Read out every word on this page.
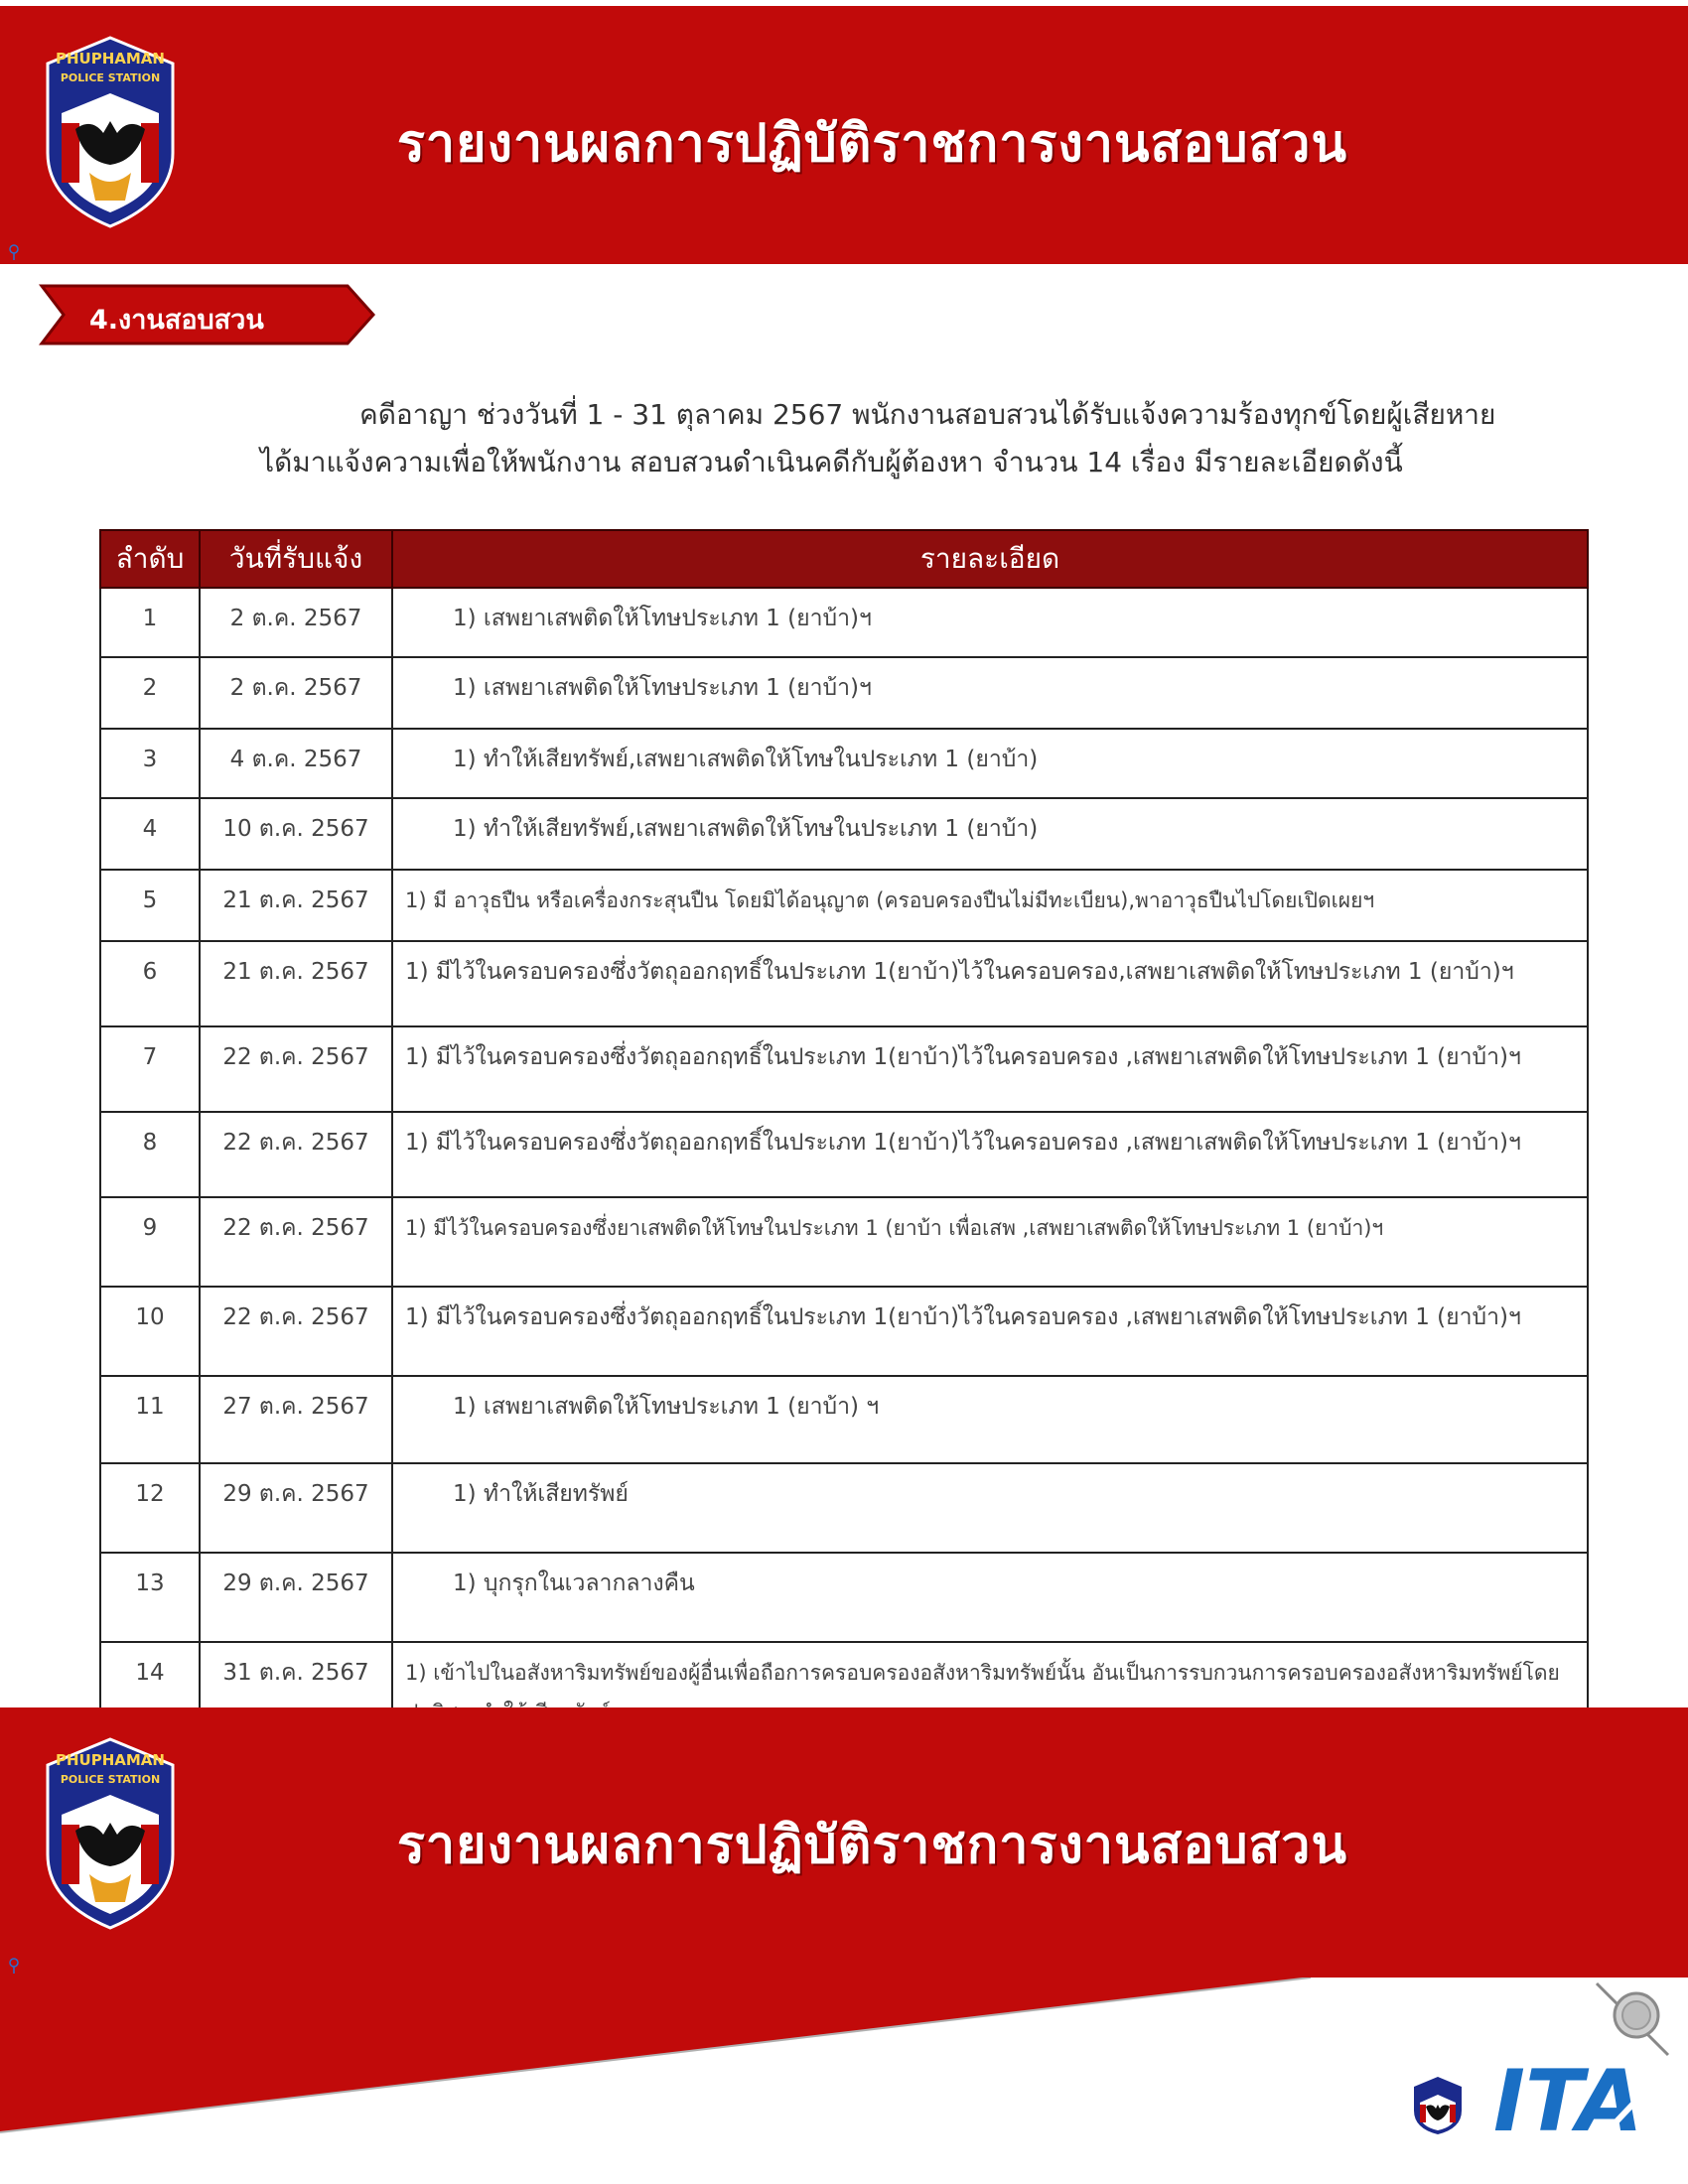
PHUPHAMAN
POLICE STATION
รายงานผลการปฏิบัติราชการงานสอบสวน
4.งานสอบสวน
คดีอาญา ช่วงวันที่ 1 - 31 ตุลาคม 2567 พนักงานสอบสวนได้รับแจ้งความร้องทุกข์โดยผู้เสียหาย
ได้มาแจ้งความเพื่อให้พนักงาน สอบสวนดำเนินคดีกับผู้ต้องหา จำนวน 14 เรื่อง มีรายละเอียดดังนี้
ลำดับ	วันที่รับแจ้ง	รายละเอียด
1	2 ต.ค. 2567	1) เสพยาเสพติดให้โทษประเภท 1 (ยาบ้า)ฯ
2	2 ต.ค. 2567	1) เสพยาเสพติดให้โทษประเภท 1 (ยาบ้า)ฯ
3	4 ต.ค. 2567	1) ทำให้เสียทรัพย์,เสพยาเสพติดให้โทษในประเภท 1 (ยาบ้า)
4	10 ต.ค. 2567	1) ทำให้เสียทรัพย์,เสพยาเสพติดให้โทษในประเภท 1 (ยาบ้า)
5	21 ต.ค. 2567	1) มี อาวุธปืน หรือเครื่องกระสุนปืน โดยมิได้อนุญาต (ครอบครองปืนไม่มีทะเบียน),พาอาวุธปืนไปโดยเปิดเผยฯ
6	21 ต.ค. 2567	1) มีไว้ในครอบครองซึ่งวัตถุออกฤทธิ์ในประเภท 1(ยาบ้า)ไว้ในครอบครอง,เสพยาเสพติดให้โทษประเภท 1 (ยาบ้า)ฯ
7	22 ต.ค. 2567	1) มีไว้ในครอบครองซึ่งวัตถุออกฤทธิ์ในประเภท 1(ยาบ้า)ไว้ในครอบครอง ,เสพยาเสพติดให้โทษประเภท 1 (ยาบ้า)ฯ
8	22 ต.ค. 2567	1) มีไว้ในครอบครองซึ่งวัตถุออกฤทธิ์ในประเภท 1(ยาบ้า)ไว้ในครอบครอง ,เสพยาเสพติดให้โทษประเภท 1 (ยาบ้า)ฯ
9	22 ต.ค. 2567	1) มีไว้ในครอบครองซึ่งยาเสพติดให้โทษในประเภท 1 (ยาบ้า เพื่อเสพ ,เสพยาเสพติดให้โทษประเภท 1 (ยาบ้า)ฯ
10	22 ต.ค. 2567	1) มีไว้ในครอบครองซึ่งวัตถุออกฤทธิ์ในประเภท 1(ยาบ้า)ไว้ในครอบครอง ,เสพยาเสพติดให้โทษประเภท 1 (ยาบ้า)ฯ
11	27 ต.ค. 2567	1) เสพยาเสพติดให้โทษประเภท 1 (ยาบ้า) ฯ
12	29 ต.ค. 2567	1) ทำให้เสียทรัพย์
13	29 ต.ค. 2567	1) บุกรุกในเวลากลางคืน
14	31 ต.ค. 2567	1) เข้าไปในอสังหาริมทรัพย์ของผู้อื่นเพื่อถือการครอบครองอสังหาริมทรัพย์นั้น อันเป็นการรบกวนการครอบครองอสังหาริมทรัพย์โดย
PHUPHAMAN
POLICE STATION
รายงานผลการปฏิบัติราชการงานสอบสวน
ITA
